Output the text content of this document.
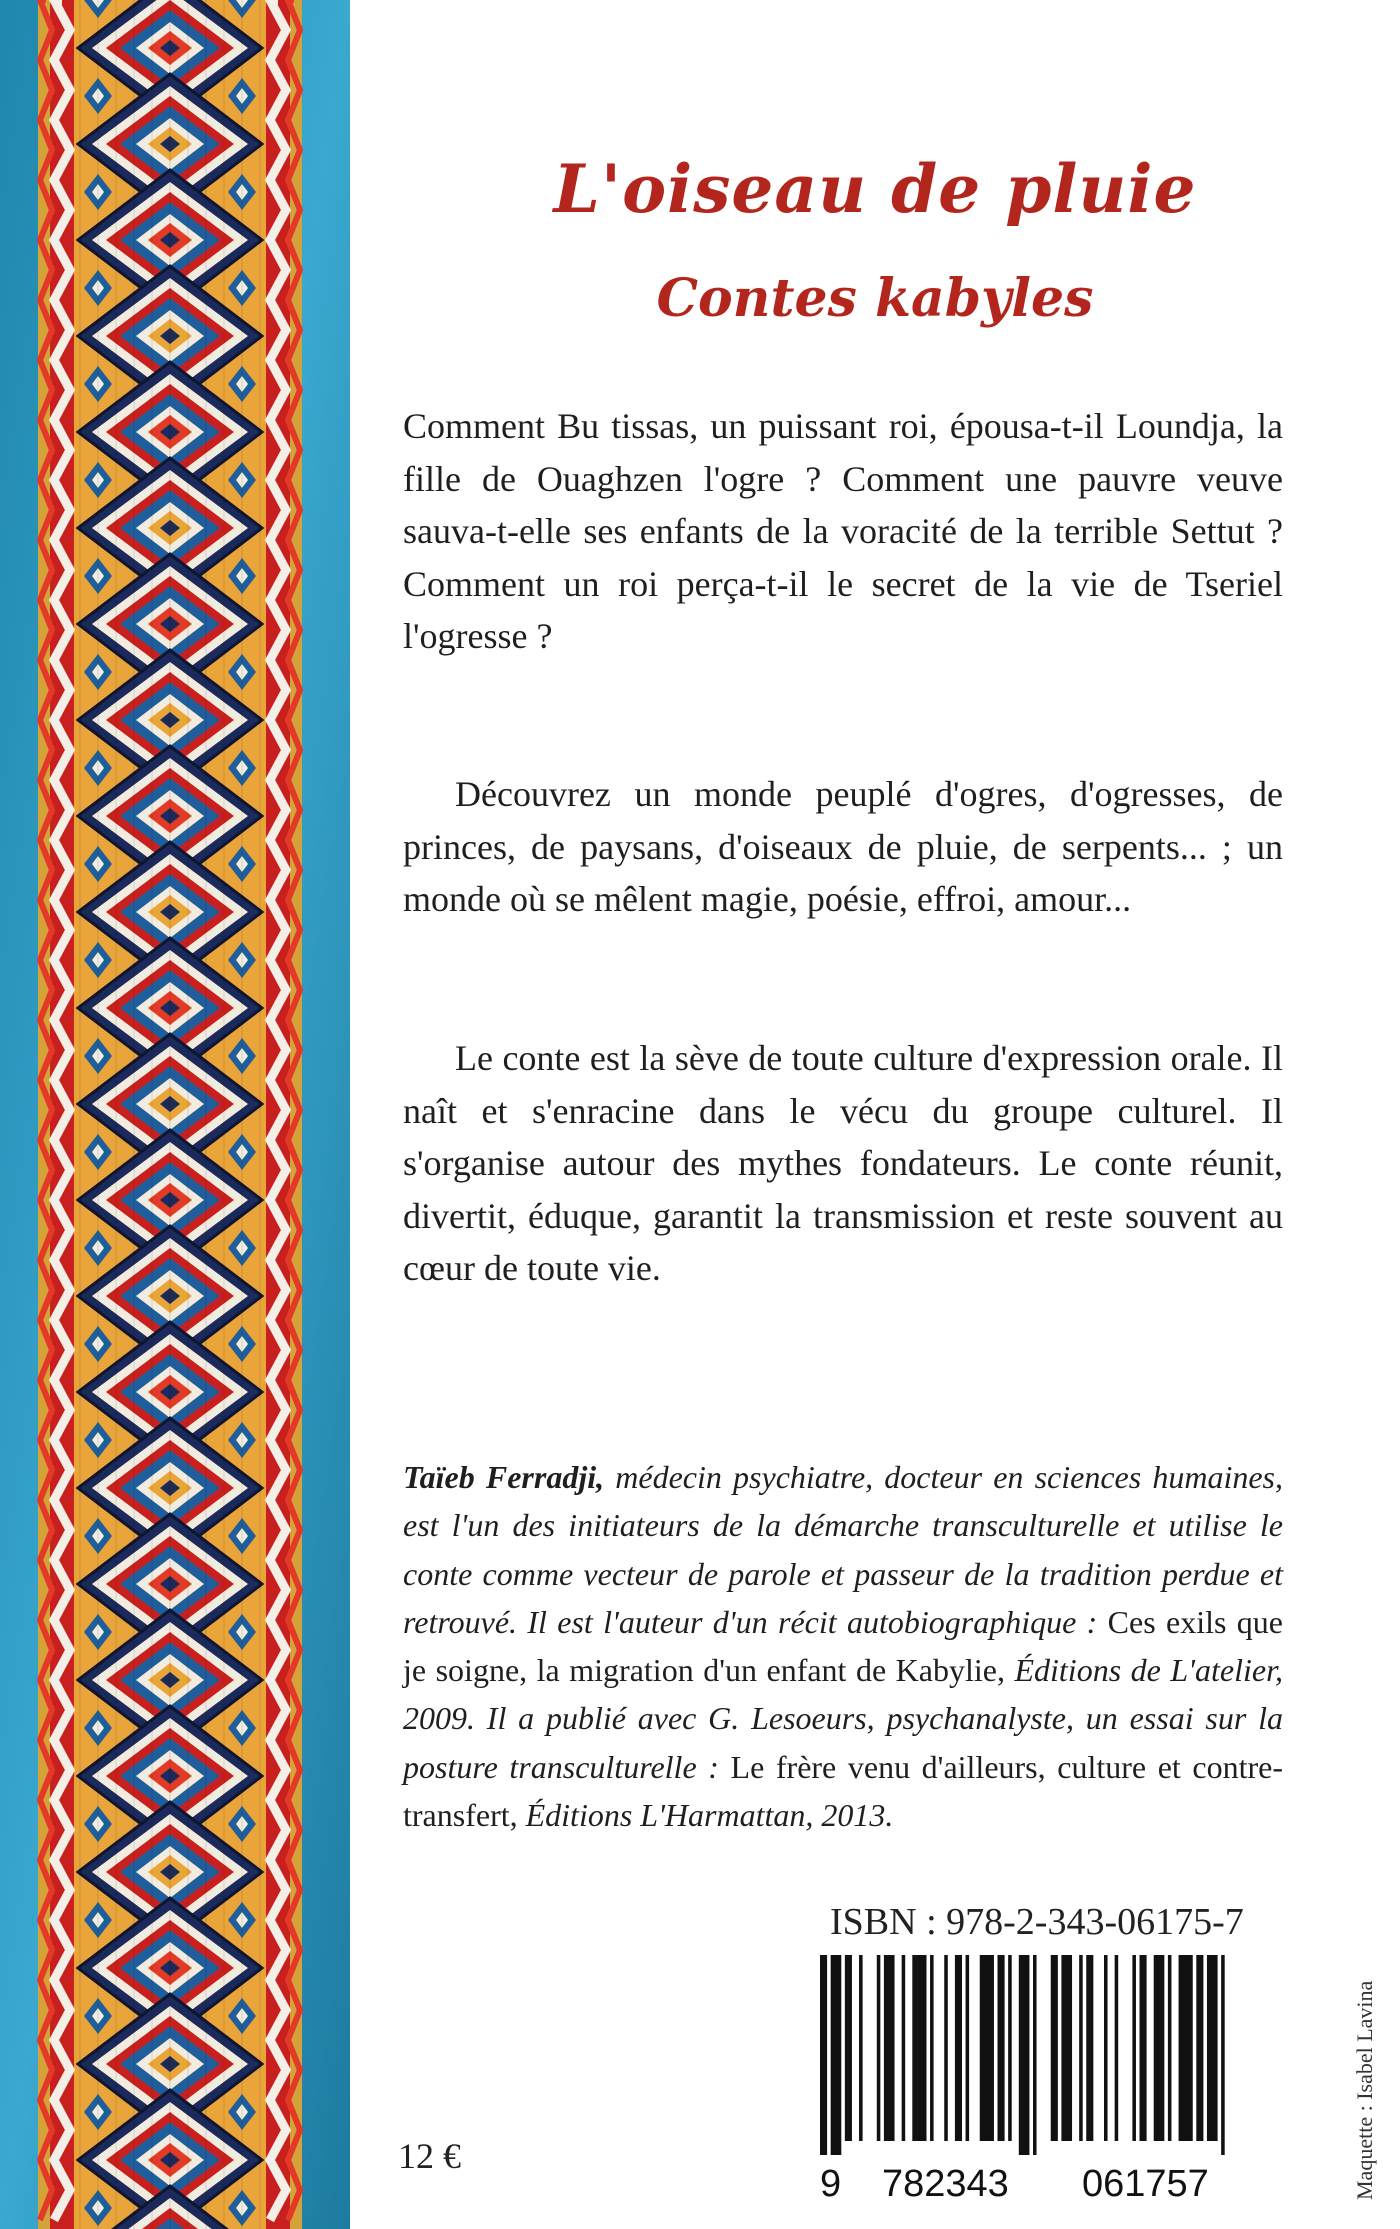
L'oiseau de pluie
Contes kabyles

Comment Bu tissas, un puissant roi, épousa-t-il Loundja, la fille de Ouaghzen l'ogre ? Comment une pauvre veuve sauva-t-elle ses enfants de la voracité de la terrible Settut ? Comment un roi perça-t-il le secret de la vie de Tseriel l'ogresse ?

Découvrez un monde peuplé d'ogres, d'ogresses, de princes, de paysans, d'oiseaux de pluie, de serpents... ; un monde où se mêlent magie, poésie, effroi, amour...

Le conte est la sève de toute culture d'expression orale. Il naît et s'enracine dans le vécu du groupe culturel. Il s'organise autour des mythes fondateurs. Le conte réunit, divertit, éduque, garantit la transmission et reste souvent au cœur de toute vie.

Taïeb Ferradji, médecin psychiatre, docteur en sciences humaines, est l'un des initiateurs de la démarche transculturelle et utilise le conte comme vecteur de parole et passeur de la tradition perdue et retrouvé. Il est l'auteur d'un récit autobiographique : Ces exils que je soigne, la migration d'un enfant de Kabylie, Éditions de L'atelier, 2009. Il a publié avec G. Lesoeurs, psychanalyste, un essai sur la posture transculturelle : Le frère venu d'ailleurs, culture et contre-transfert, Éditions L'Harmattan, 2013.

ISBN : 978-2-343-06175-7

9 782343 061757

12 €	Maquette : Isabel Lavina
